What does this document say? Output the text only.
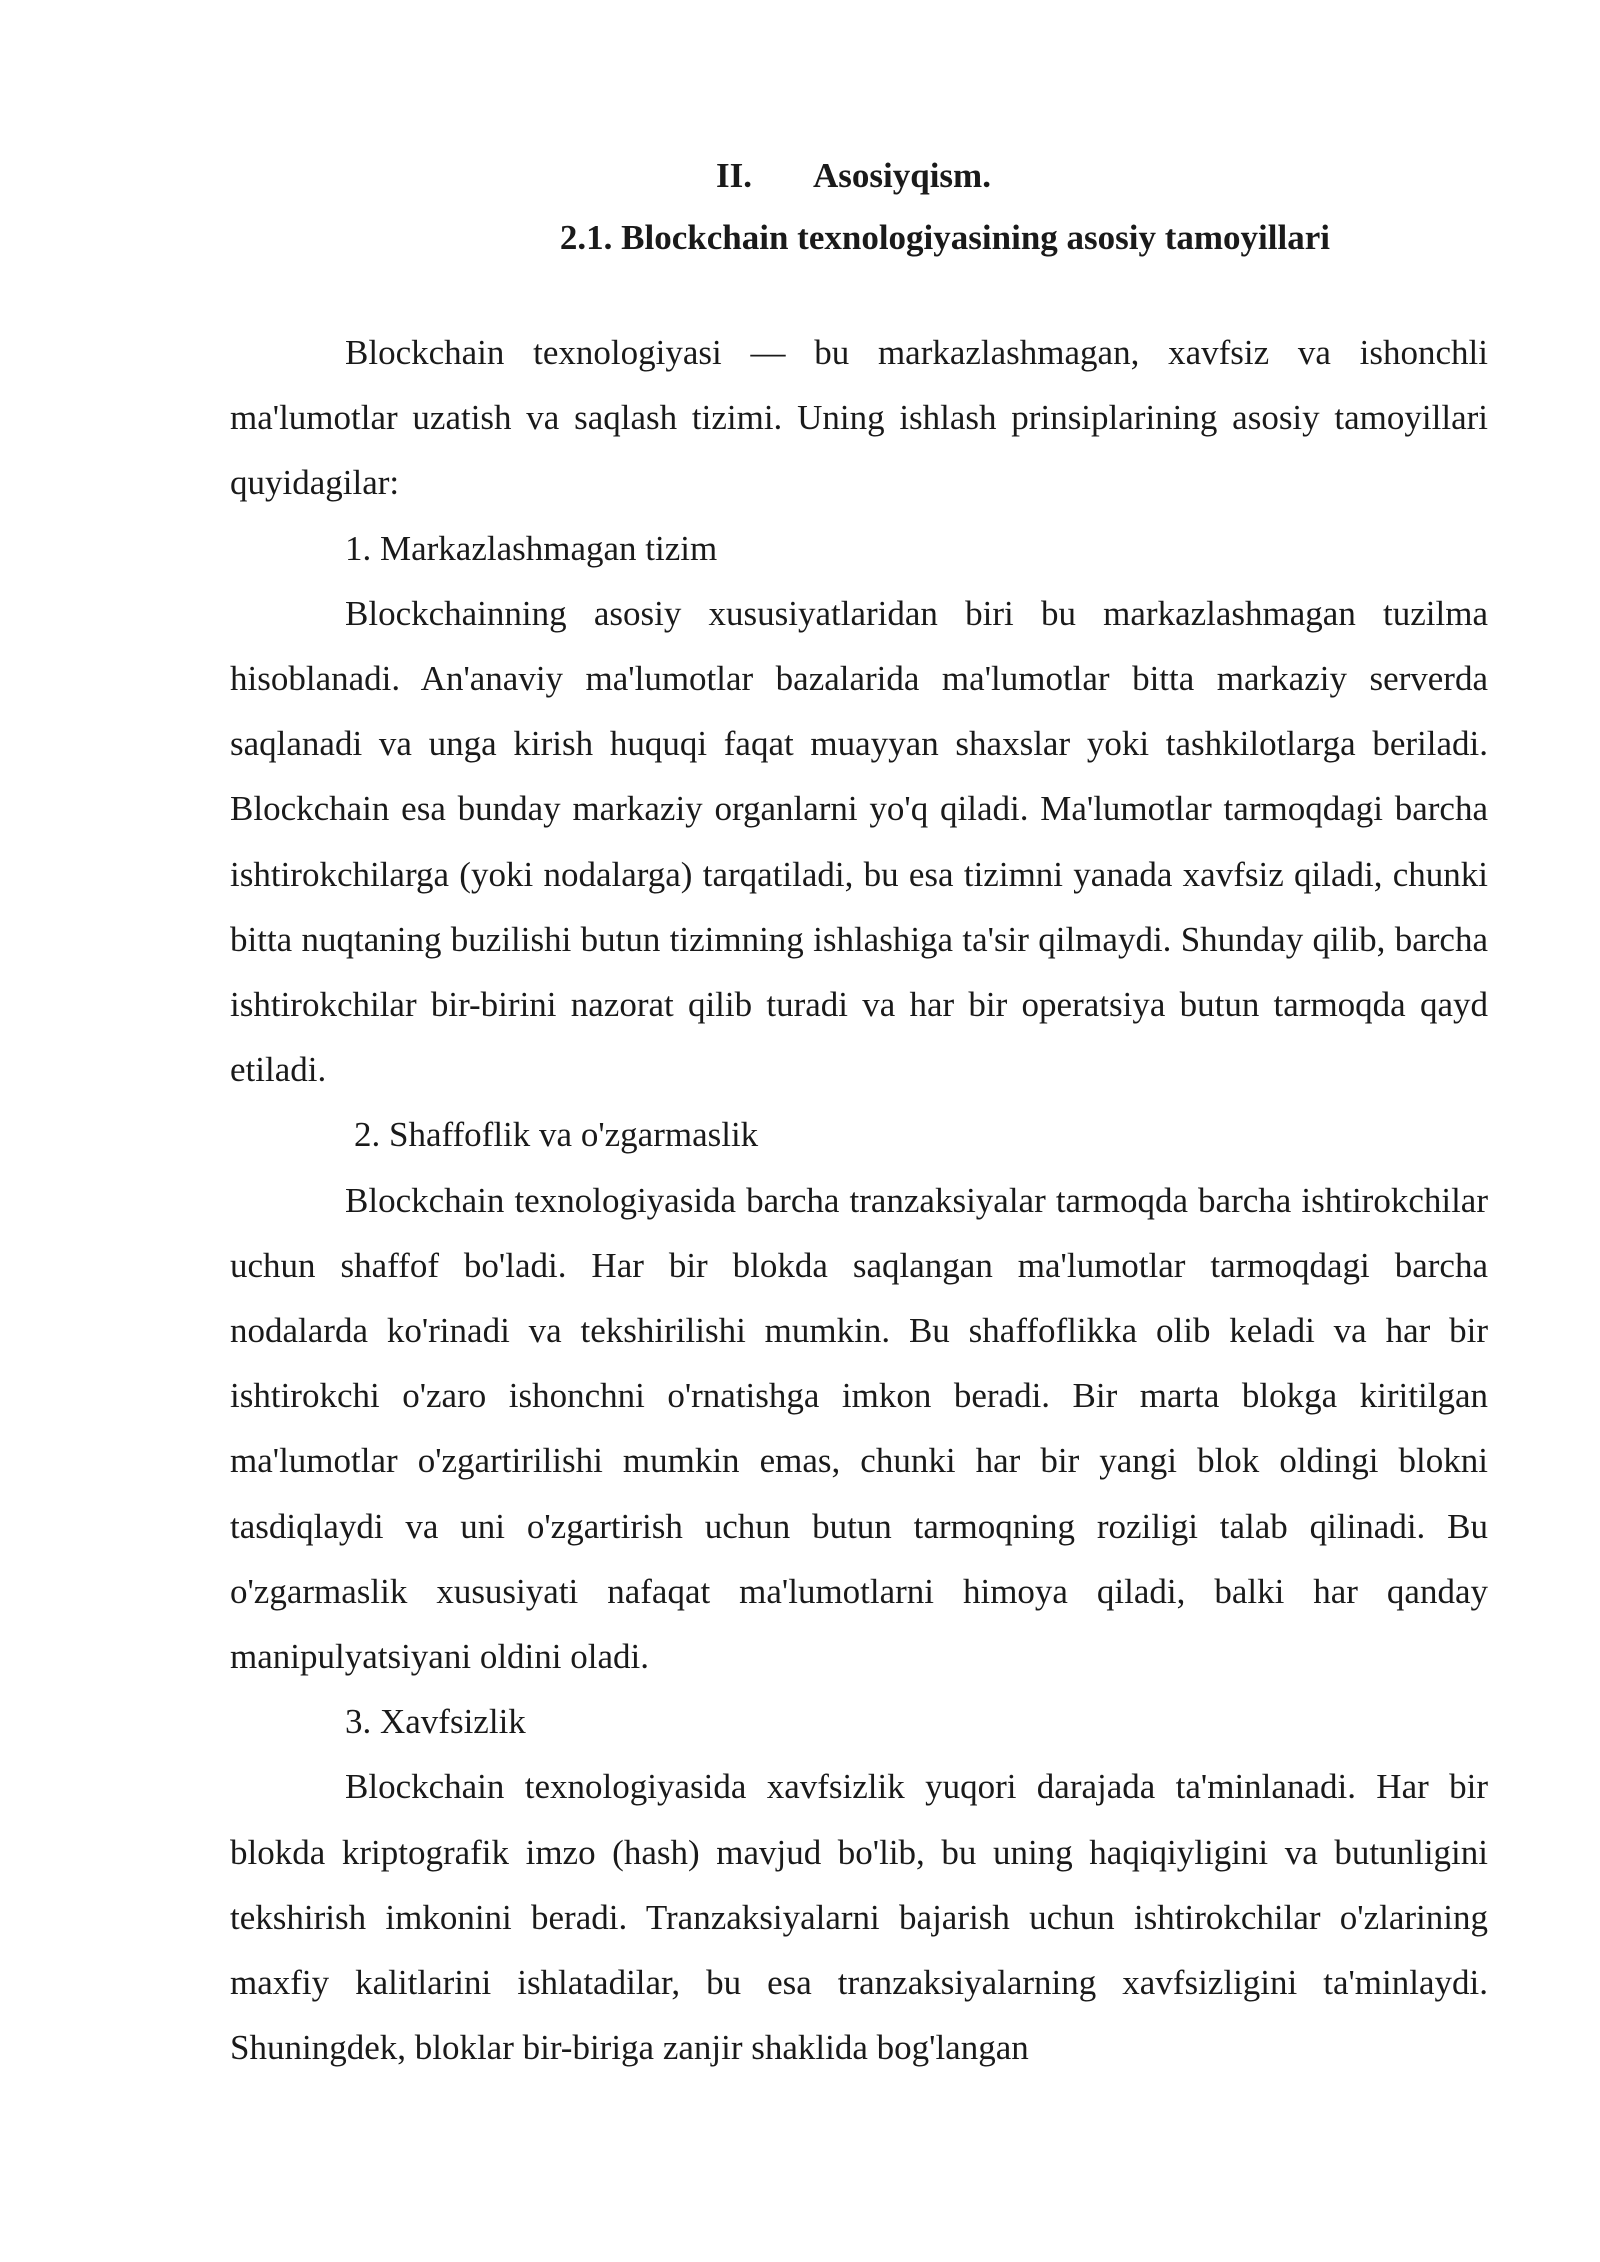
II. Asosiyqism.
2.1. Blockchain texnologiyasining asosiy tamoyillari

Blockchain texnologiyasi — bu markazlashmagan, xavfsiz va ishonchli ma'lumotlar uzatish va saqlash tizimi. Uning ishlash prinsiplarining asosiy tamoyillari quyidagilar:

1. Markazlashmagan tizim

Blockchainning asosiy xususiyatlaridan biri bu markazlashmagan tuzilma hisoblanadi. An'anaviy ma'lumotlar bazalarida ma'lumotlar bitta markaziy serverda saqlanadi va unga kirish huquqi faqat muayyan shaxslar yoki tashkilotlarga beriladi. Blockchain esa bunday markaziy organlarni yo'q qiladi. Ma'lumotlar tarmoqdagi barcha ishtirokchilarga (yoki nodalarga) tarqatiladi, bu esa tizimni yanada xavfsiz qiladi, chunki bitta nuqtaning buzilishi butun tizimning ishlashiga ta'sir qilmaydi. Shunday qilib, barcha ishtirokchilar bir-birini nazorat qilib turadi va har bir operatsiya butun tarmoqda qayd etiladi.

2. Shaffoflik va o'zgarmaslik

Blockchain texnologiyasida barcha tranzaksiyalar tarmoqda barcha ishtirokchilar uchun shaffof bo'ladi. Har bir blokda saqlangan ma'lumotlar tarmoqdagi barcha nodalarda ko'rinadi va tekshirilishi mumkin. Bu shaffoflikka olib keladi va har bir ishtirokchi o'zaro ishonchni o'rnatishga imkon beradi. Bir marta blokga kiritilgan ma'lumotlar o'zgartirilishi mumkin emas, chunki har bir yangi blok oldingi blokni tasdiqlaydi va uni o'zgartirish uchun butun tarmoqning roziligi talab qilinadi. Bu o'zgarmaslik xususiyati nafaqat ma'lumotlarni himoya qiladi, balki har qanday manipulyatsiyani oldini oladi.

3. Xavfsizlik

Blockchain texnologiyasida xavfsizlik yuqori darajada ta'minlanadi. Har bir blokda kriptografik imzo (hash) mavjud bo'lib, bu uning haqiqiyligini va butunligini tekshirish imkonini beradi. Tranzaksiyalarni bajarish uchun ishtirokchilar o'zlarining maxfiy kalitlarini ishlatadilar, bu esa tranzaksiyalarning xavfsizligini ta'minlaydi. Shuningdek, bloklar bir-biriga zanjir shaklida bog'langan
